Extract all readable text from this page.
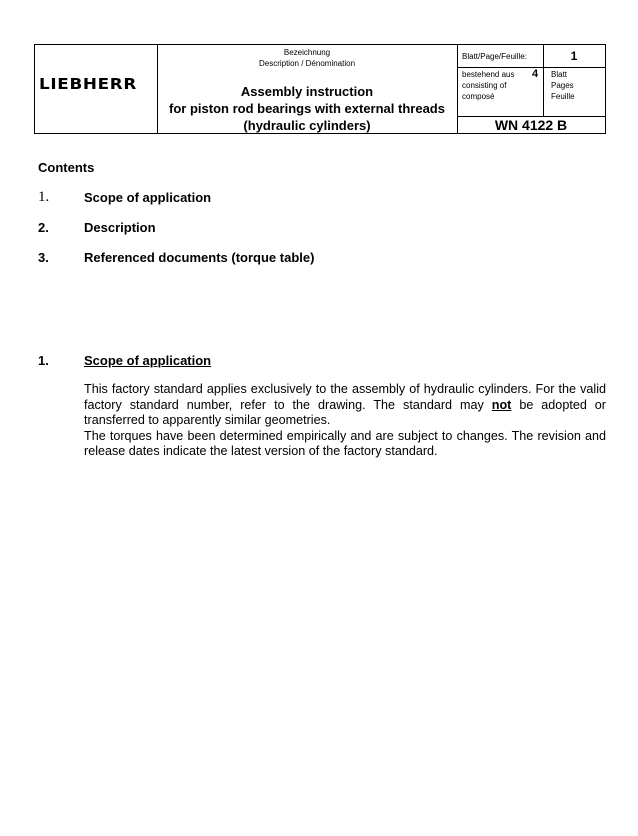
LIEBHERR
Bezeichnung
Description / Dénomination
Assembly instruction
for piston rod bearings with external threads
(hydraulic cylinders)
Blatt/Page/Feuille:	1
bestehend aus
consisting of
composé
4 Blatt
Pages
Feuille
WN 4122 B
Contents
1.	Scope of application
2.	Description
3.	Referenced documents (torque table)
1.	Scope of application

This factory standard applies exclusively to the assembly of hydraulic cylinders. For the valid factory standard number, refer to the drawing. The standard may not be adopted or transferred to apparently similar geometries.

The torques have been determined empirically and are subject to changes. The revision and release dates indicate the latest version of the factory standard.
